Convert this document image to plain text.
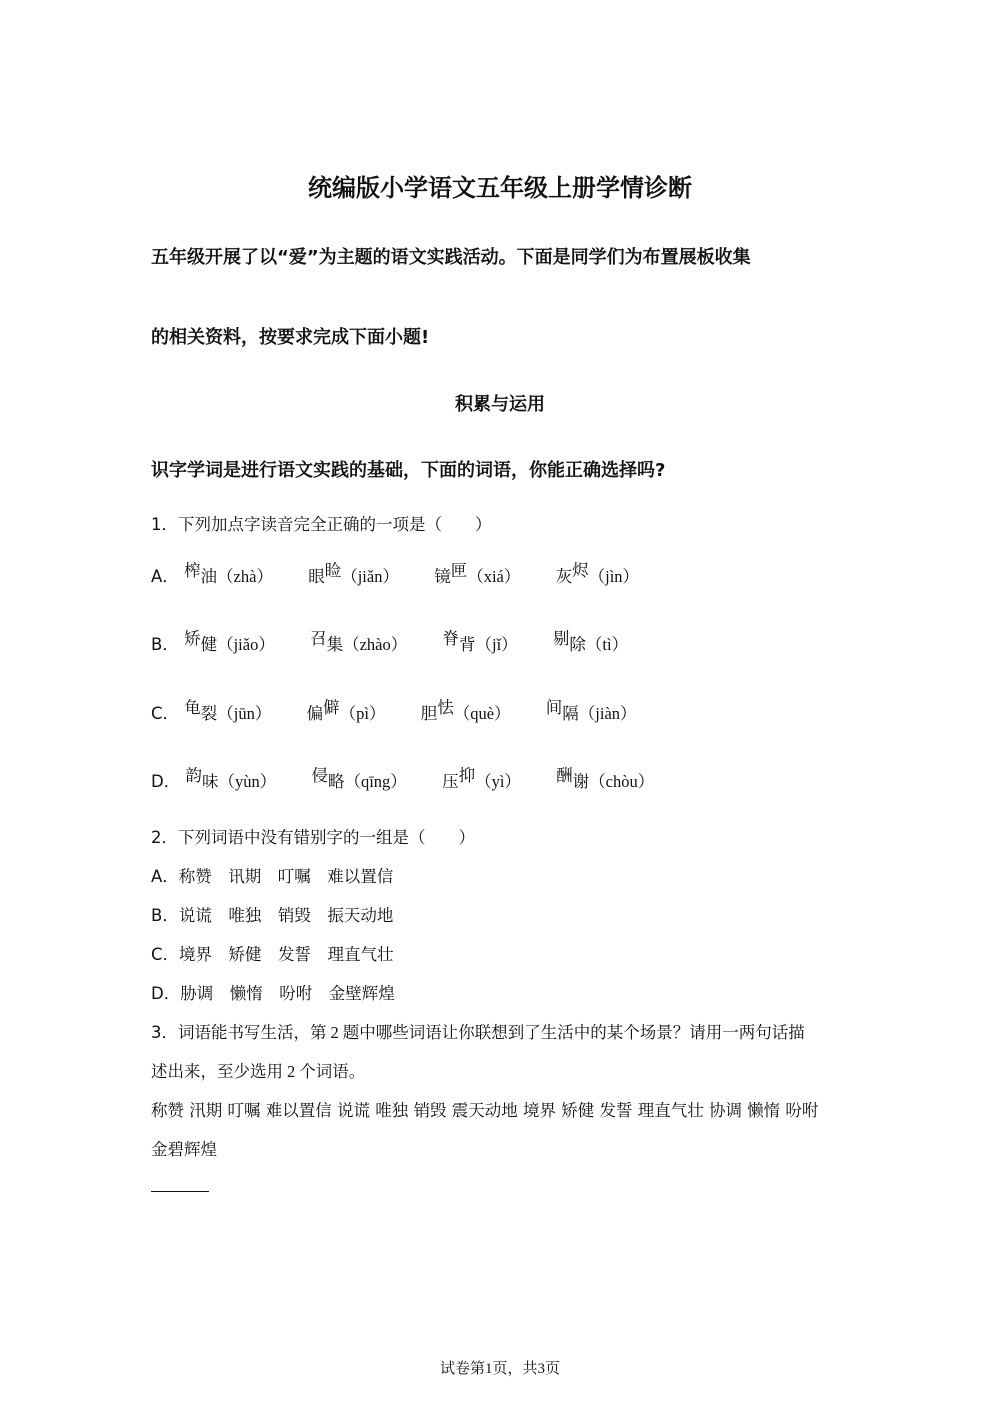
统编版小学语文五年级上册学情诊断
五年级开展了以“爱”为主题的语文实践活动。下面是同学们为布置展板收集
的相关资料，按要求完成下面小题!
积累与运用
识字学词是进行语文实践的基础，下面的词语，你能正确选择吗?
1．下列加点字读音完全正确的一项是（　　）
A． 榨油（zhà） 眼睑（jiǎn） 镜匣（xiá） 灰烬（jìn）
B． 矫健（jiǎo） 召集（zhào） 脊背（jǐ） 剔除（tì）
C． 龟裂（jūn） 偏僻（pì） 胆怯（què） 间隔（jiàn）
D． 韵味（yùn） 侵略（qīng） 压抑（yì） 酬谢（chòu）
2．下列词语中没有错别字的一组是（　　）
A．称赞　讯期　叮嘱　难以置信
B．说谎　唯独　销毁　振天动地
C．境界　矫健　发誓　理直气壮
D．胁调　懒惰　吩咐　金壁辉煌
3．词语能书写生活，第 2 题中哪些词语让你联想到了生活中的某个场景？请用一两句话描
述出来，至少选用 2 个词语。
称赞 汛期 叮嘱 难以置信 说谎 唯独 销毁 震天动地 境界 矫健 发誓 理直气壮 协调 懒惰 吩咐
金碧辉煌
试卷第1页，共3页
